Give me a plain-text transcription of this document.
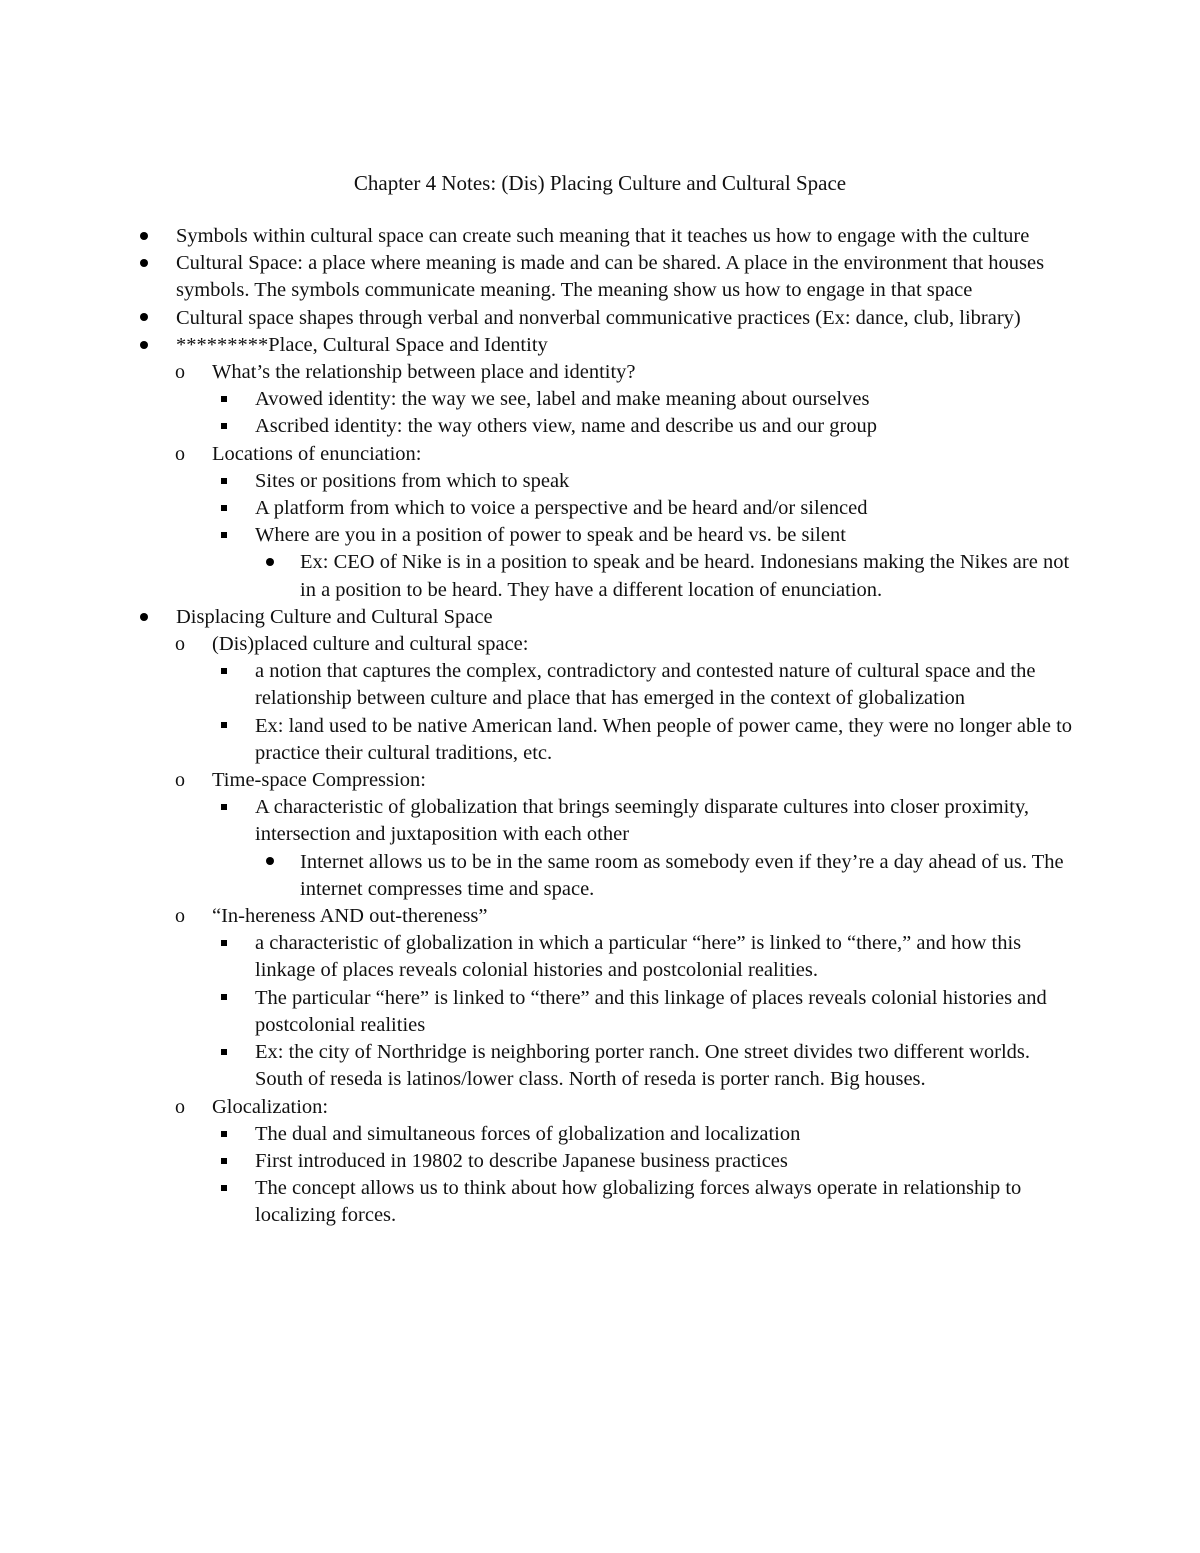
Chapter 4 Notes: (Dis) Placing Culture and Cultural Space
Symbols within cultural space can create such meaning that it teaches us how to engage with the culture
Cultural Space: a place where meaning is made and can be shared. A place in the environment that houses symbols. The symbols communicate meaning. The meaning show us how to engage in that space
Cultural space shapes through verbal and nonverbal communicative practices (Ex: dance, club, library)
*********Place, Cultural Space and Identity
o What’s the relationship between place and identity?
Avowed identity: the way we see, label and make meaning about ourselves
Ascribed identity: the way others view, name and describe us and our group
o Locations of enunciation:
Sites or positions from which to speak
A platform from which to voice a perspective and be heard and/or silenced
Where are you in a position of power to speak and be heard vs. be silent
Ex: CEO of Nike is in a position to speak and be heard. Indonesians making the Nikes are not in a position to be heard. They have a different location of enunciation.
Displacing Culture and Cultural Space
o (Dis)placed culture and cultural space:
a notion that captures the complex, contradictory and contested nature of cultural space and the relationship between culture and place that has emerged in the context of globalization
Ex: land used to be native American land. When people of power came, they were no longer able to practice their cultural traditions, etc.
o Time-space Compression:
A characteristic of globalization that brings seemingly disparate cultures into closer proximity, intersection and juxtaposition with each other
Internet allows us to be in the same room as somebody even if they’re a day ahead of us. The internet compresses time and space.
o “In-hereness AND out-thereness”
a characteristic of globalization in which a particular “here” is linked to “there,” and how this linkage of places reveals colonial histories and postcolonial realities.
The particular “here” is linked to “there” and this linkage of places reveals colonial histories and postcolonial realities
Ex: the city of Northridge is neighboring porter ranch. One street divides two different worlds. South of reseda is latinos/lower class. North of reseda is porter ranch. Big houses.
o Glocalization:
The dual and simultaneous forces of globalization and localization
First introduced in 19802 to describe Japanese business practices
The concept allows us to think about how globalizing forces always operate in relationship to localizing forces.
